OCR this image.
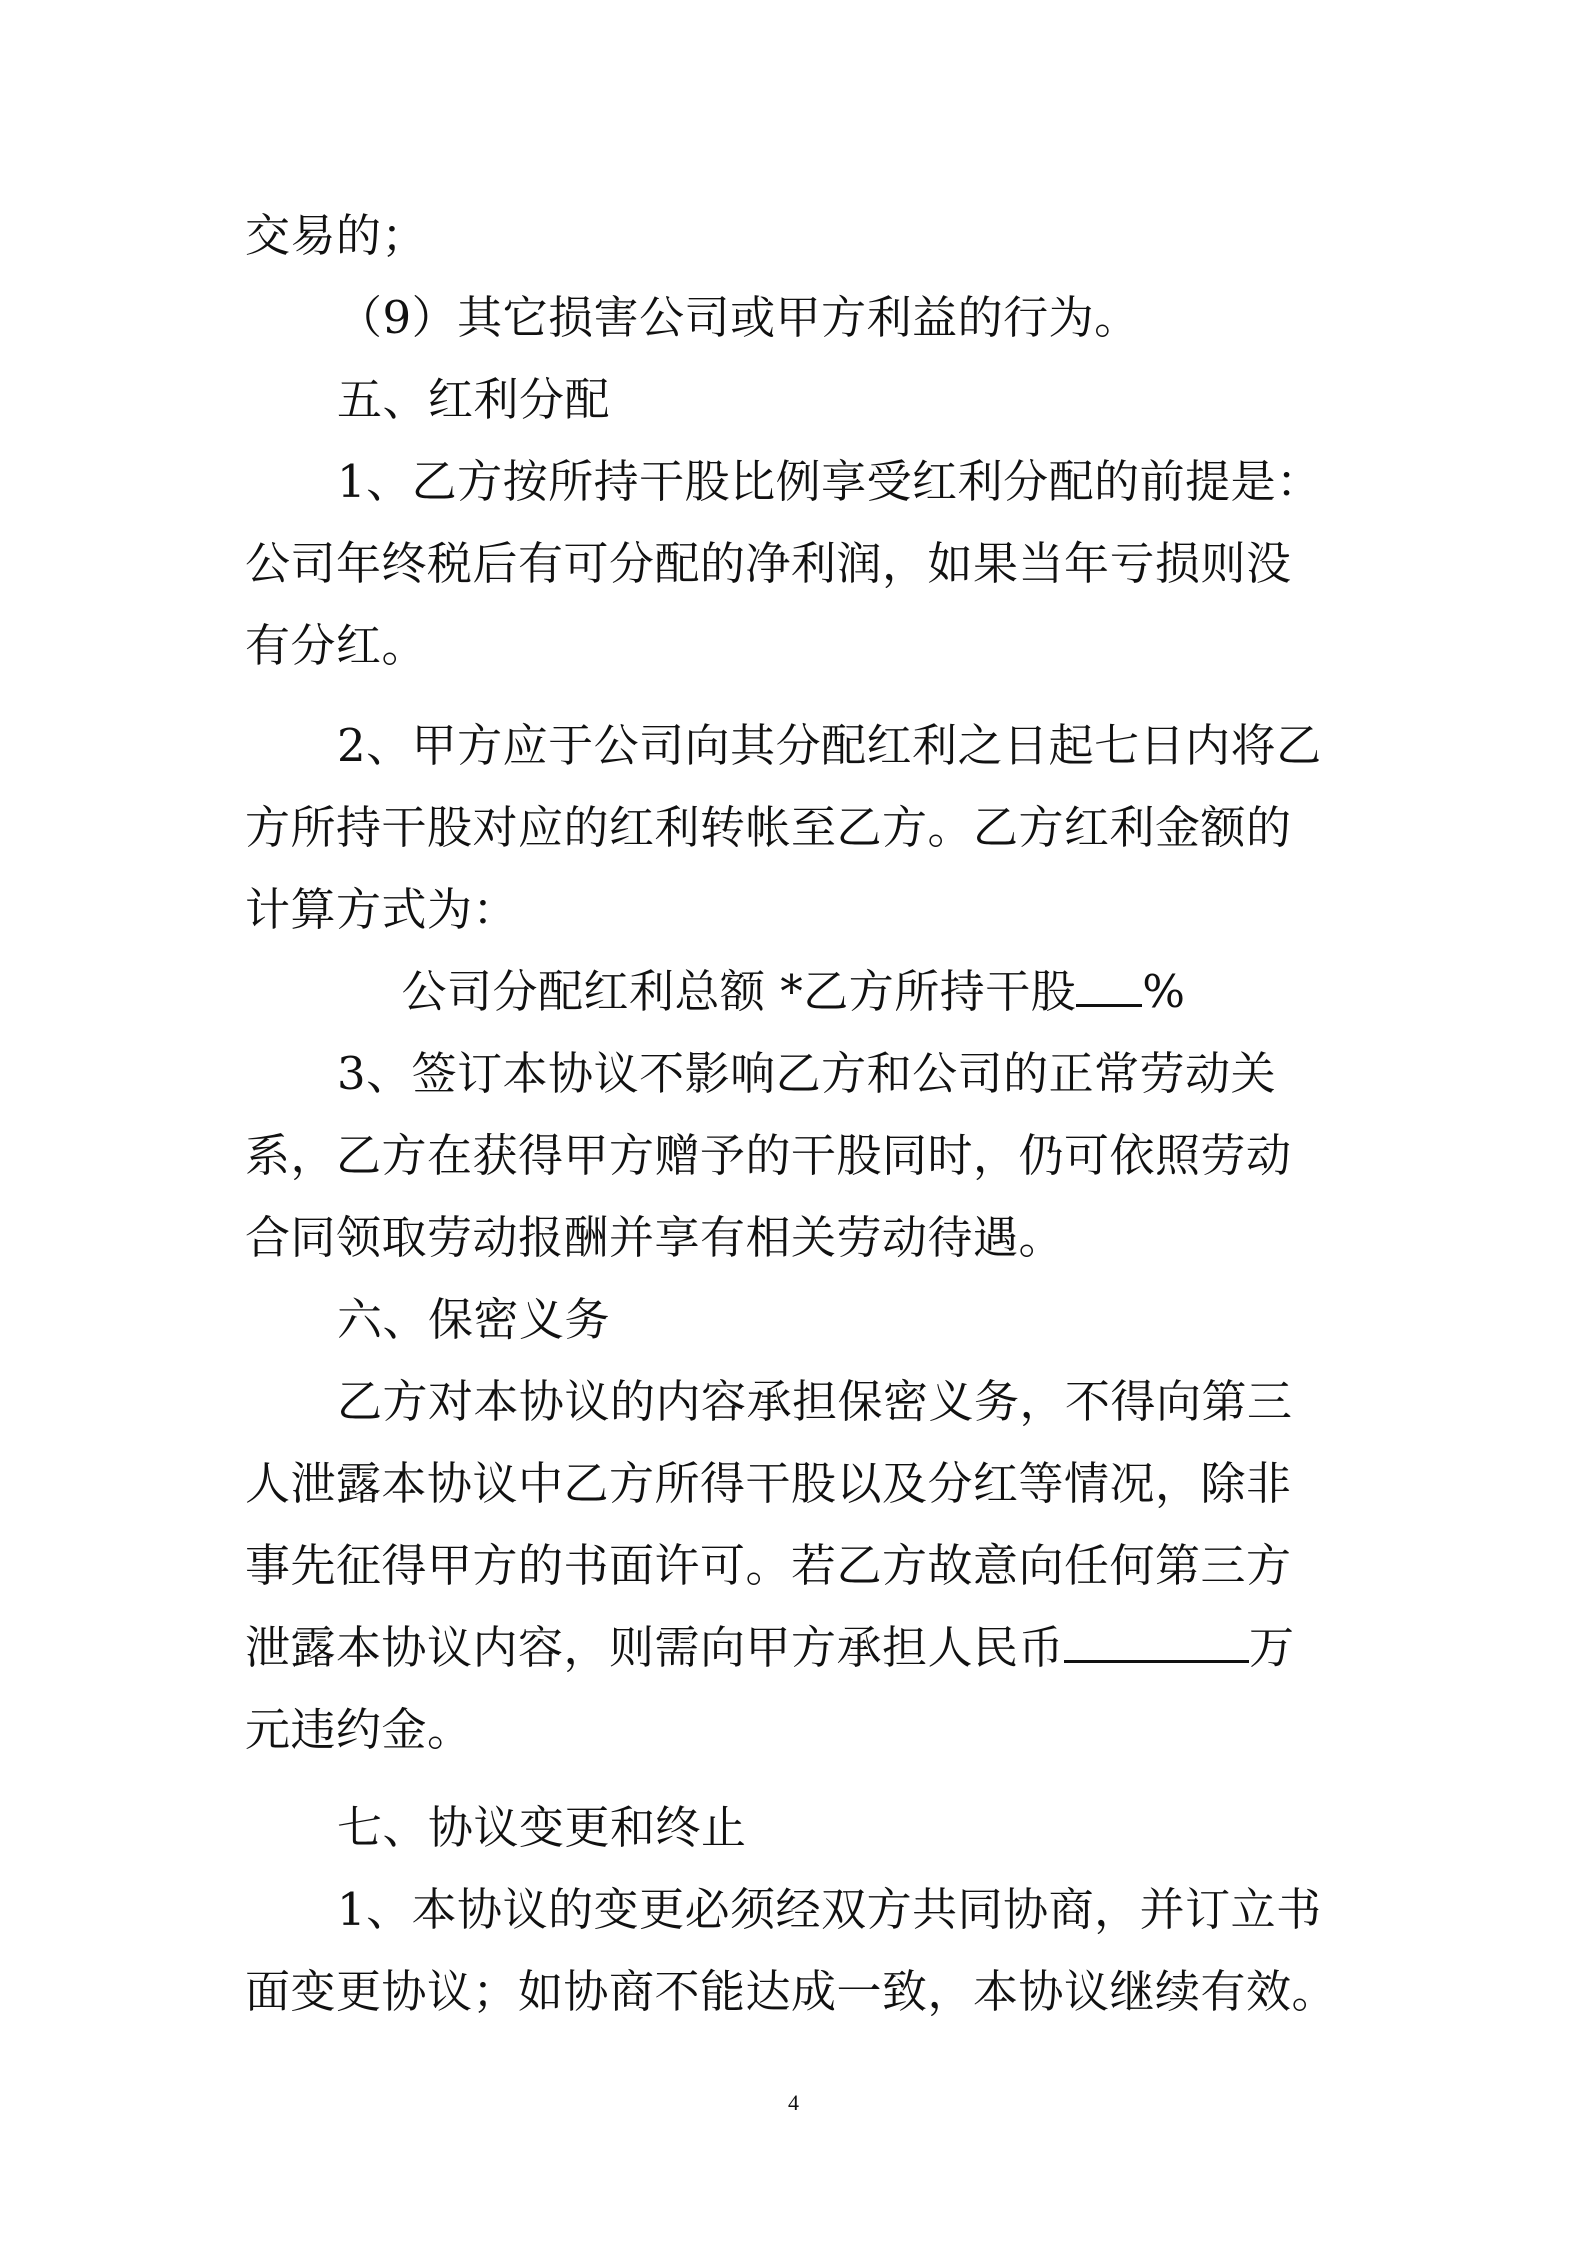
交易的；
（9）其它损害公司或甲方利益的行为。
五、红利分配
1、乙方按所持干股比例享受红利分配的前提是：
公司年终税后有可分配的净利润，如果当年亏损则没
有分红。
2、甲方应于公司向其分配红利之日起七日内将乙
方所持干股对应的红利转帐至乙方。乙方红利金额的
计算方式为：
公司分配红利总额 *乙方所持干股 %
3、签订本协议不影响乙方和公司的正常劳动关
系，乙方在获得甲方赠予的干股同时，仍可依照劳动
合同领取劳动报酬并享有相关劳动待遇。
六、保密义务
乙方对本协议的内容承担保密义务，不得向第三
人泄露本协议中乙方所得干股以及分红等情况，除非
事先征得甲方的书面许可。若乙方故意向任何第三方
泄露本协议内容，则需向甲方承担人民币	万
元违约金。
七、协议变更和终止
1、本协议的变更必须经双方共同协商，并订立书
面变更协议；如协商不能达成一致，本协议继续有效。
4
